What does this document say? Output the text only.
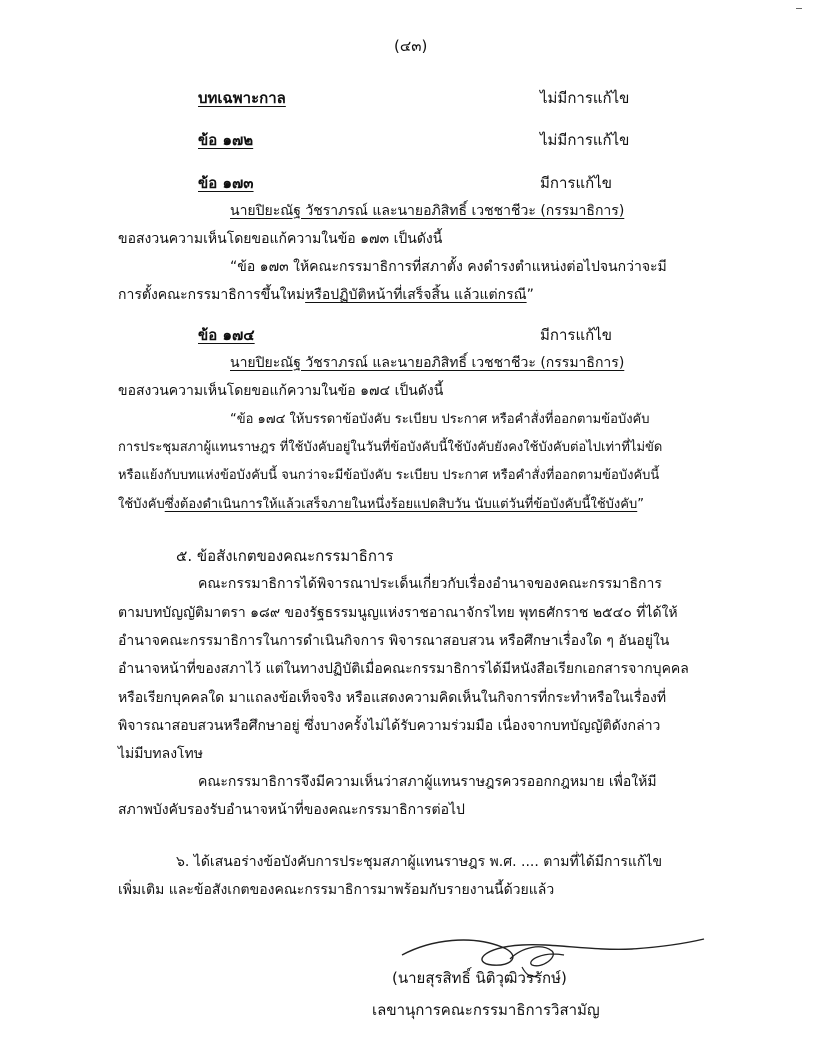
(๔๓)
บทเฉพาะกาล	ไม่มีการแก้ไข
ข้อ ๑๗๒	ไม่มีการแก้ไข
ข้อ ๑๗๓	มีการแก้ไข
นายปิยะณัฐ วัชราภรณ์ และนายอภิสิทธิ์ เวชชาชีวะ (กรรมาธิการ)
ขอสงวนความเห็นโดยขอแก้ความในข้อ ๑๗๓ เป็นดังนี้
“ข้อ ๑๗๓ ให้คณะกรรมาธิการที่สภาตั้ง คงดำรงตำแหน่งต่อไปจนกว่าจะมี
การตั้งคณะกรรมาธิการขึ้นใหม่หรือปฏิบัติหน้าที่เสร็จสิ้น แล้วแต่กรณี”
ข้อ ๑๗๔	มีการแก้ไข
นายปิยะณัฐ วัชราภรณ์ และนายอภิสิทธิ์ เวชชาชีวะ (กรรมาธิการ)
ขอสงวนความเห็นโดยขอแก้ความในข้อ ๑๗๔ เป็นดังนี้
“ข้อ ๑๗๔ ให้บรรดาข้อบังคับ ระเบียบ ประกาศ หรือคำสั่งที่ออกตามข้อบังคับ
การประชุมสภาผู้แทนราษฎร ที่ใช้บังคับอยู่ในวันที่ข้อบังคับนี้ใช้บังคับยังคงใช้บังคับต่อไปเท่าที่ไม่ขัด
หรือแย้งกับบทแห่งข้อบังคับนี้ จนกว่าจะมีข้อบังคับ ระเบียบ ประกาศ หรือคำสั่งที่ออกตามข้อบังคับนี้
ใช้บังคับซึ่งต้องดำเนินการให้แล้วเสร็จภายในหนึ่งร้อยแปดสิบวัน นับแต่วันที่ข้อบังคับนี้ใช้บังคับ”
๕. ข้อสังเกตของคณะกรรมาธิการ
คณะกรรมาธิการได้พิจารณาประเด็นเกี่ยวกับเรื่องอำนาจของคณะกรรมาธิการ
ตามบทบัญญัติมาตรา ๑๘๙ ของรัฐธรรมนูญแห่งราชอาณาจักรไทย พุทธศักราช ๒๕๔๐ ที่ได้ให้
อำนาจคณะกรรมาธิการในการดำเนินกิจการ พิจารณาสอบสวน หรือศึกษาเรื่องใด ๆ อันอยู่ใน
อำนาจหน้าที่ของสภาไว้ แต่ในทางปฏิบัติเมื่อคณะกรรมาธิการได้มีหนังสือเรียกเอกสารจากบุคคล
หรือเรียกบุคคลใด มาแถลงข้อเท็จจริง หรือแสดงความคิดเห็นในกิจการที่กระทำหรือในเรื่องที่
พิจารณาสอบสวนหรือศึกษาอยู่ ซึ่งบางครั้งไม่ได้รับความร่วมมือ เนื่องจากบทบัญญัติดังกล่าว
ไม่มีบทลงโทษ
คณะกรรมาธิการจึงมีความเห็นว่าสภาผู้แทนราษฎรควรออกกฎหมาย เพื่อให้มี
สภาพบังคับรองรับอำนาจหน้าที่ของคณะกรรมาธิการต่อไป
๖. ได้เสนอร่างข้อบังคับการประชุมสภาผู้แทนราษฎร พ.ศ. .... ตามที่ได้มีการแก้ไข
เพิ่มเติม และข้อสังเกตของคณะกรรมาธิการมาพร้อมกับรายงานนี้ด้วยแล้ว
(นายสุรสิทธิ์ นิติวุฒิวรรักษ์)
เลขานุการคณะกรรมาธิการวิสามัญ
